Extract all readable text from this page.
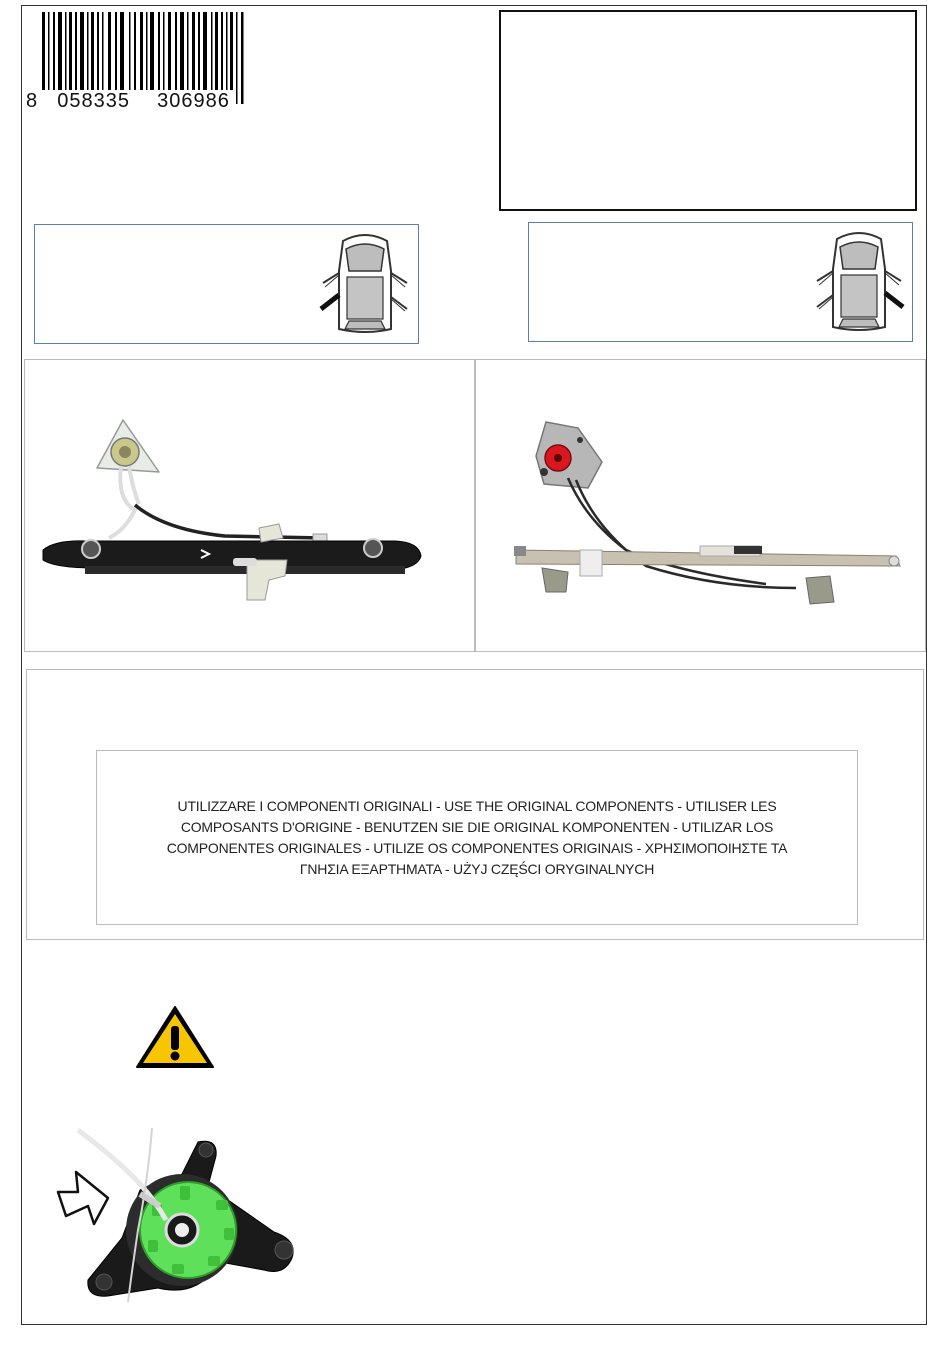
8 058335 306986
UTILIZZARE I COMPONENTI ORIGINALI - USE THE ORIGINAL COMPONENTS - UTILISER LES
COMPOSANTS D'ORIGINE - BENUTZEN SIE DIE ORIGINAL KOMPONENTEN - UTILIZAR LOS
COMPONENTES ORIGINALES - UTILIZE OS COMPONENTES ORIGINAIS - ΧΡΗΣΙΜΟΠΟΙΗΣΤΕ ΤΑ
ΓΝΗΣΙΑ ΕΞΑΡΤΗΜΑΤΑ - UŻYJ CZĘŚCI ORYGINALNYCH
